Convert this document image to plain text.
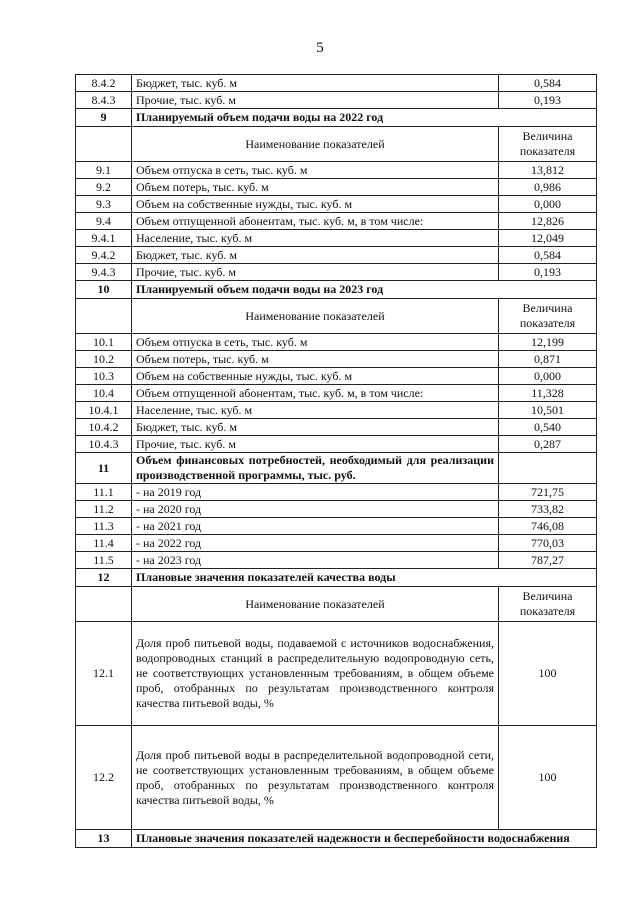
5
8.4.2	Бюджет, тыс. куб. м	0,584
8.4.3	Прочие, тыс. куб. м	0,193
9	Планируемый объем подачи воды на 2022 год	
	Наименование показателей	Величина показателя
9.1	Объем отпуска в сеть, тыс. куб. м	13,812
9.2	Объем потерь, тыс. куб. м	0,986
9.3	Объем на собственные нужды, тыс. куб. м	0,000
9.4	Объем отпущенной абонентам, тыс. куб. м, в том числе:	12,826
9.4.1	Население, тыс. куб. м	12,049
9.4.2	Бюджет, тыс. куб. м	0,584
9.4.3	Прочие, тыс. куб. м	0,193
10	Планируемый объем подачи воды на 2023 год	
	Наименование показателей	Величина показателя
10.1	Объем отпуска в сеть, тыс. куб. м	12,199
10.2	Объем потерь, тыс. куб. м	0,871
10.3	Объем на собственные нужды, тыс. куб. м	0,000
10.4	Объем отпущенной абонентам, тыс. куб. м, в том числе:	11,328
10.4.1	Население, тыс. куб. м	10,501
10.4.2	Бюджет, тыс. куб. м	0,540
10.4.3	Прочие, тыс. куб. м	0,287
11	Объем финансовых потребностей, необходимый для реализации производственной программы, тыс. руб.	
11.1	- на 2019 год	721,75
11.2	- на 2020 год	733,82
11.3	- на 2021 год	746,08
11.4	- на 2022 год	770,03
11.5	- на 2023 год	787,27
12	Плановые значения показателей качества воды	
	Наименование показателей	Величина показателя
12.1	Доля проб питьевой воды, подаваемой с источников водоснабжения, водопроводных станций в распределительную водопроводную сеть, не соответствующих установленным требованиям, в общем объеме проб, отобранных по результатам производственного контроля качества питьевой воды, %	100
12.2	Доля проб питьевой воды в распределительной водопроводной сети, не соответствующих установленным требованиям, в общем объеме проб, отобранных по результатам производственного контроля качества питьевой воды, %	100
13	Плановые значения показателей надежности и бесперебойности водоснабжения	
